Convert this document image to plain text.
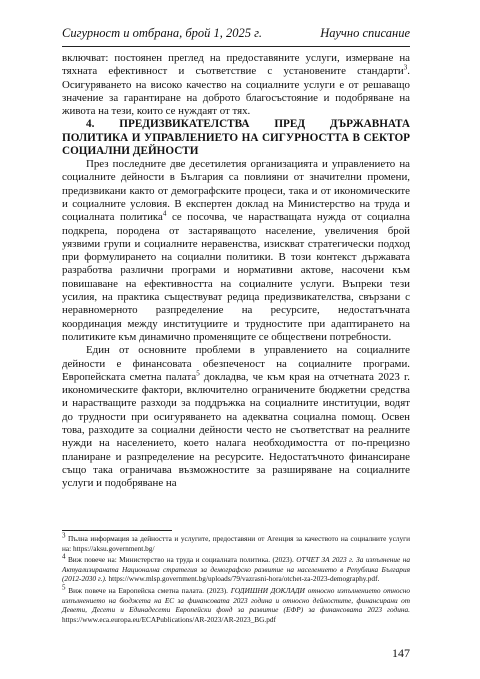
Сигурност и отбрана, брой 1, 2025 г.	Научно списание

включват: постоянен преглед на предоставяните услуги, измерване на тяхната ефективност и съответствие с установените стандарти$^3$. Осигуряването на високо качество на социалните услуги е от решаващо значение за гарантиране на доброто благосъстояние и подобряване на живота на тези, които се нуждаят от тях.

4. ПРЕДИЗВИКАТЕЛСТВА ПРЕД ДЪРЖАВНАТА ПОЛИТИКА И УПРАВЛЕНИЕТО НА СИГУРНОСТТА В СЕКТОР СОЦИАЛНИ ДЕЙНОСТИ

През последните две десетилетия организацията и управлението на социалните дейности в България са повлияни от значителни промени, предизвикани както от демографските процеси, така и от икономическите и социалните условия. В експертен доклад на Министерство на труда и социалната политика$^4$ се посочва, че нарастващата нужда от социална подкрепа, породена от застаряващото население, увеличения брой уязвими групи и социалните неравенства, изискват стратегически подход при формулирането на социални политики. В този контекст държавата разработва различни програми и нормативни актове, насочени към повишаване на ефективността на социалните услуги. Въпреки тези усилия, на практика съществуват редица предизвикателства, свързани с неравномерното разпределение на ресурсите, недостатъчната координация между институциите и трудностите при адаптирането на политиките към динамично променящите се обществени потребности.

Един от основните проблеми в управлението на социалните дейности е финансовата обезпеченост на социалните програми. Европейската сметна палата$^5$ докладва, че към края на отчетната 2023 г. икономическите фактори, включително ограничените бюджетни средства и нарастващите разходи за поддръжка на социалните институции, водят до трудности при осигуряването на адекватна социална помощ. Освен това, разходите за социални дейности често не съответстват на реалните нужди на населението, което налага необходимостта от по-прецизно планиране и разпределение на ресурсите. Недостатъчното финансиране също така ограничава възможностите за разширяване на социалните услуги и подобряване на

$^3$ Пълна информация за дейността и услугите, предоставяни от Агенция за качеството на социалните услуги на: https://aksu.government.bg/

$^4$ Виж повече на: Министерство на труда и социалната политика. (2023). ОТЧЕТ ЗА 2023 г. За изпълнение на Актуализираната Национална стратегия за демографско развитие на населението в Република България (2012-2030 г.). https://www.mlsp.government.bg/uploads/79/vazrasni-hora/otchet-za-2023-demography.pdf.

$^5$ Виж повече на Европейска сметна палата. (2023). ГОДИШНИ ДОКЛАДИ относно изпълнението относно изпълнението на бюджета на ЕС за финансовата 2023 година и относно дейностите, финансирани от Девети, Десети и Единадесети Европейски фонд за развитие (ЕФР) за финансовата 2023 година. https://www.eca.europa.eu/ECAPublications/AR-2023/AR-2023_BG.pdf

147
